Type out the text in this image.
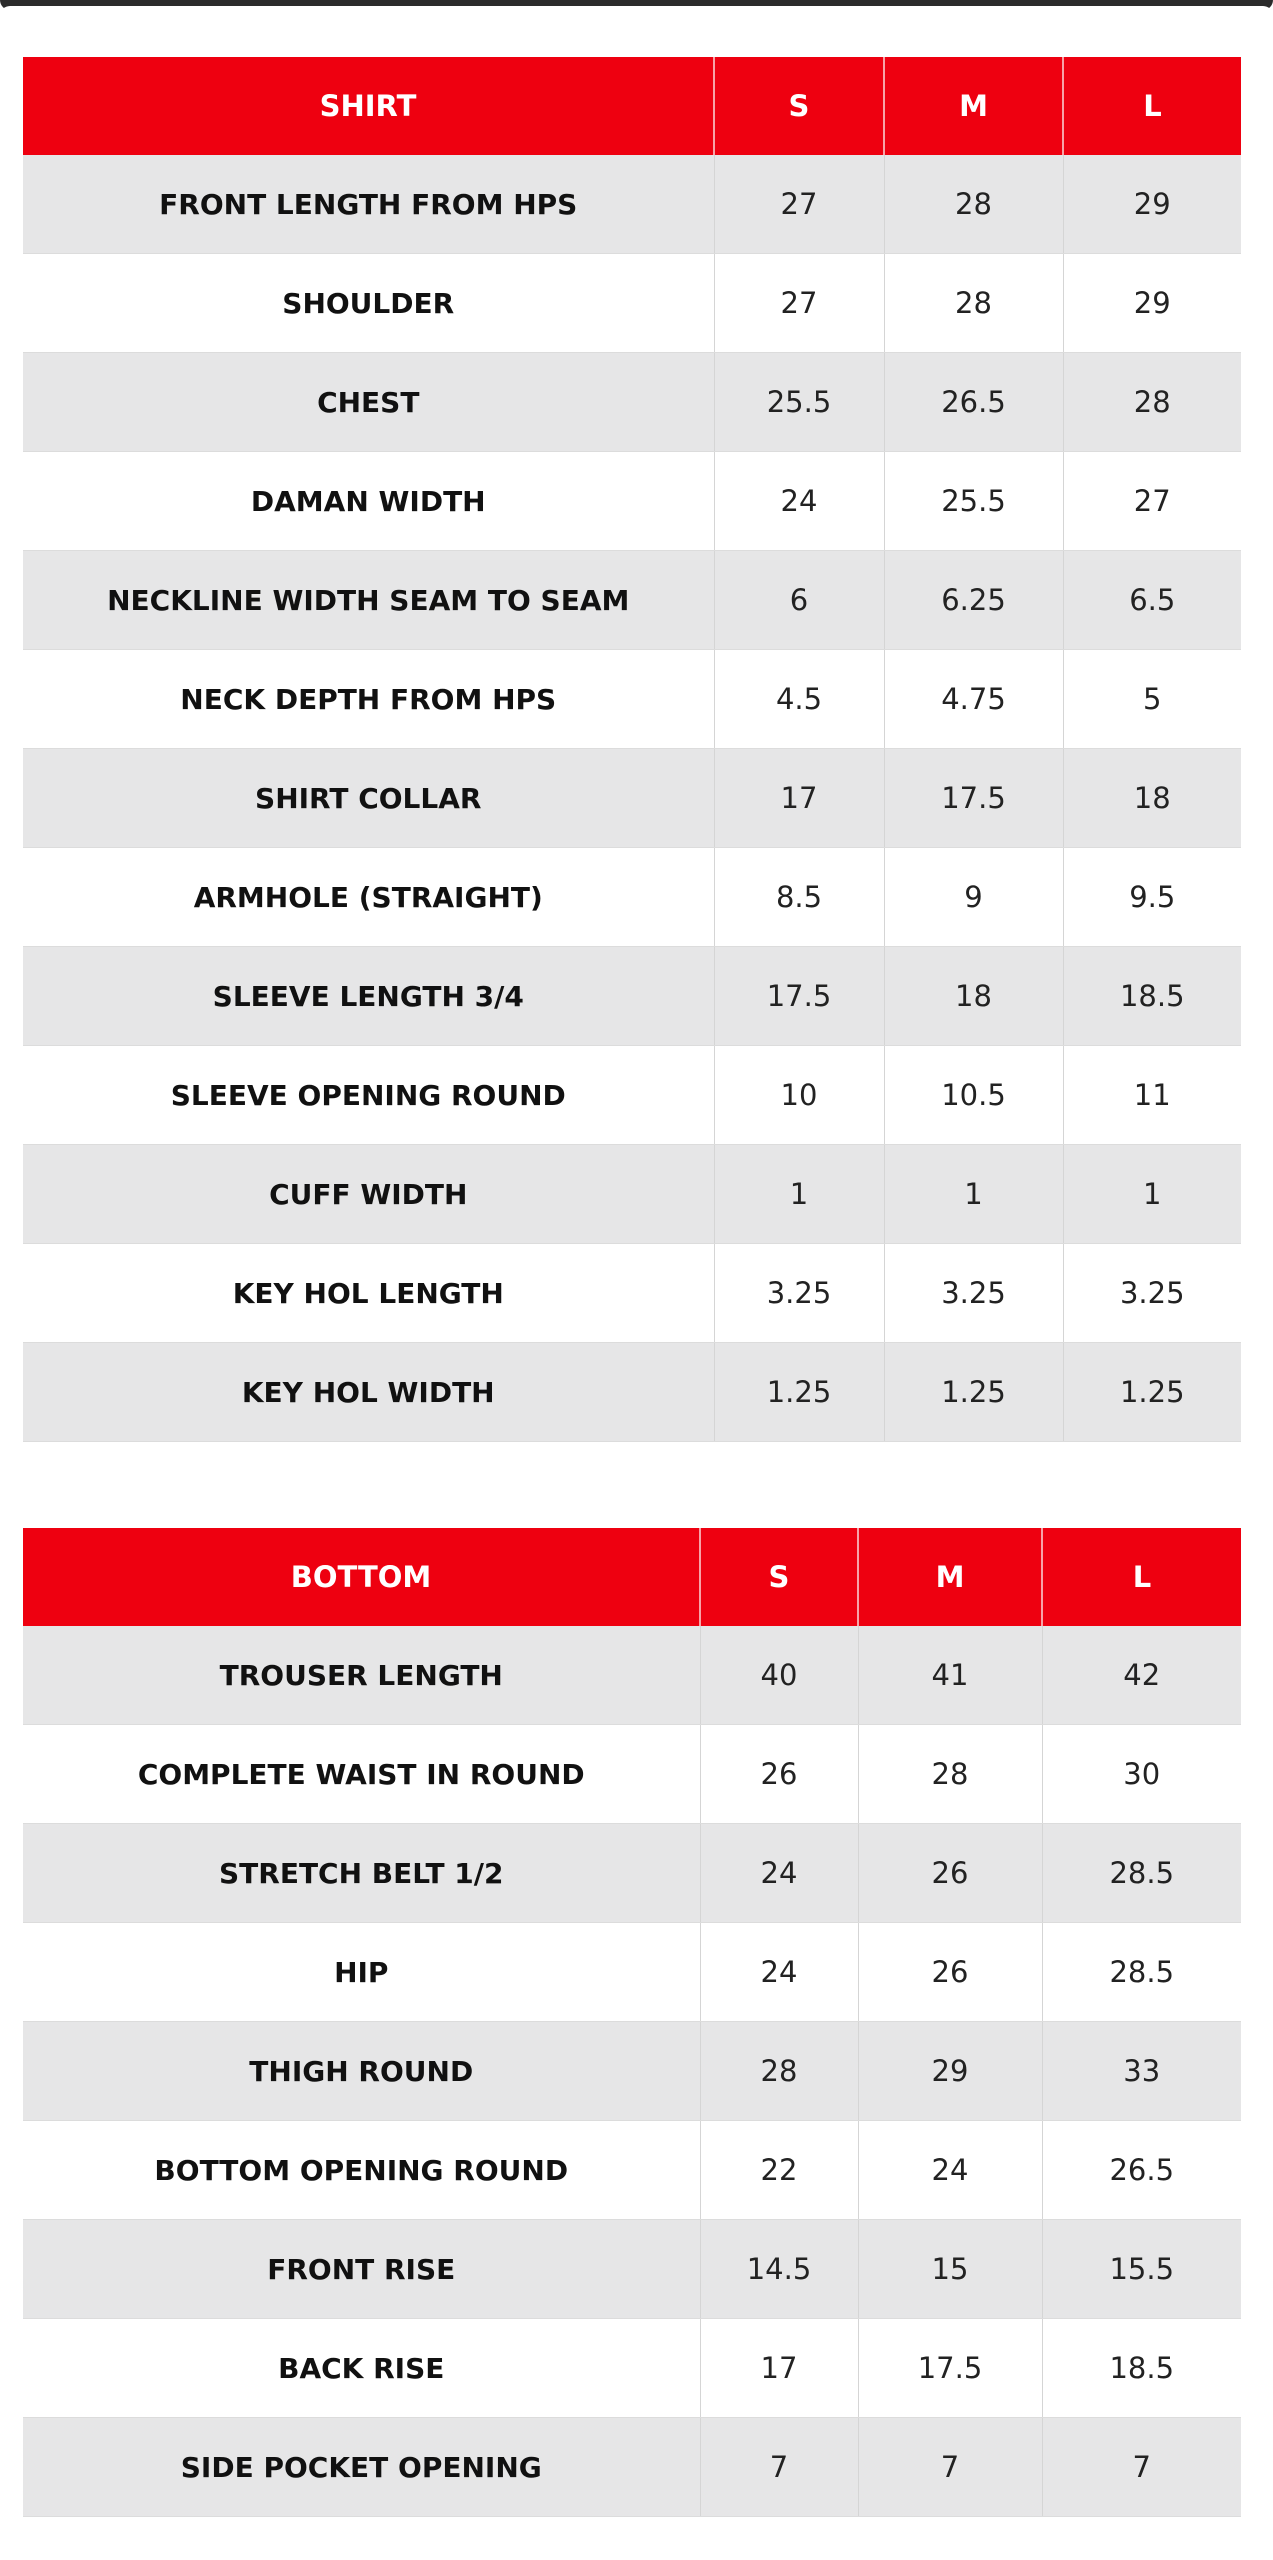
SHIRT	S	M	L
FRONT LENGTH FROM HPS	27	28	29
SHOULDER	27	28	29
CHEST	25.5	26.5	28
DAMAN WIDTH	24	25.5	27
NECKLINE WIDTH SEAM TO SEAM	6	6.25	6.5
NECK DEPTH FROM HPS	4.5	4.75	5
SHIRT COLLAR	17	17.5	18
ARMHOLE (STRAIGHT)	8.5	9	9.5
SLEEVE LENGTH 3/4	17.5	18	18.5
SLEEVE OPENING ROUND	10	10.5	11
CUFF WIDTH	1	1	1
KEY HOL LENGTH	3.25	3.25	3.25
KEY HOL WIDTH	1.25	1.25	1.25
BOTTOM	S	M	L
TROUSER LENGTH	40	41	42
COMPLETE WAIST IN ROUND	26	28	30
STRETCH BELT 1/2	24	26	28.5
HIP	24	26	28.5
THIGH ROUND	28	29	33
BOTTOM OPENING ROUND	22	24	26.5
FRONT RISE	14.5	15	15.5
BACK RISE	17	17.5	18.5
SIDE POCKET OPENING	7	7	7
